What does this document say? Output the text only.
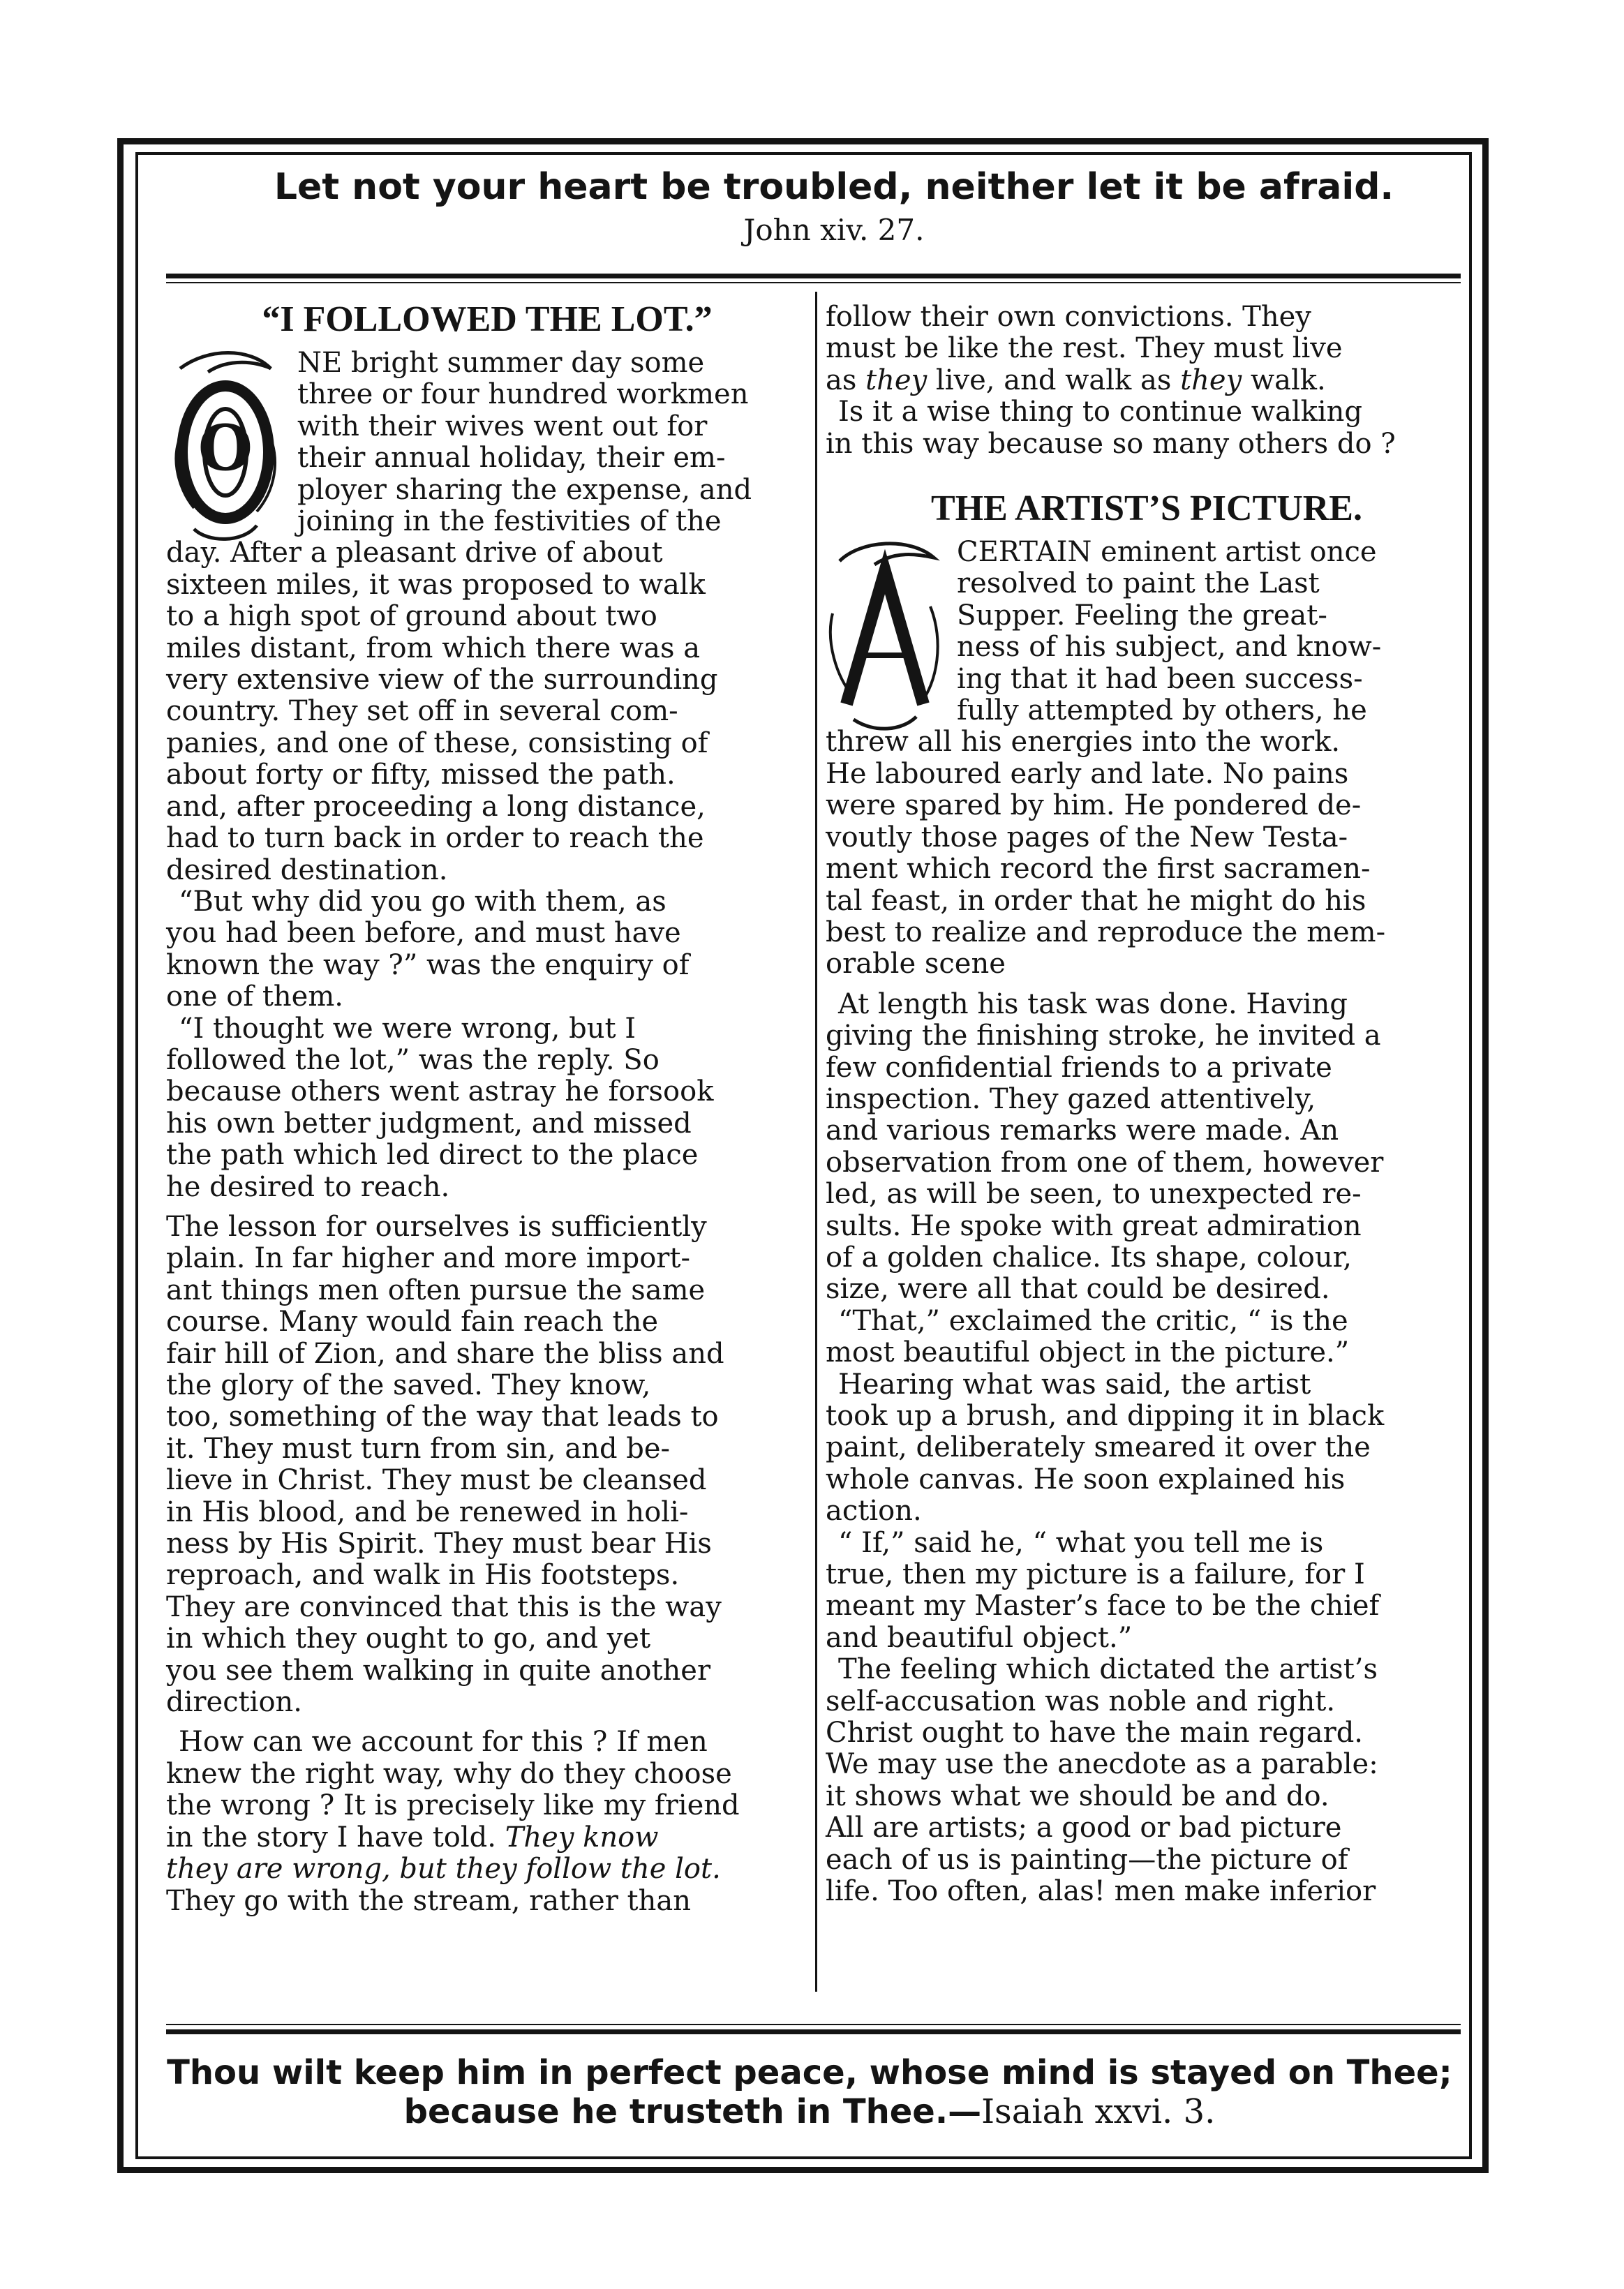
Let not your heart be troubled, neither let it be afraid.
John xiv. 27.
“I FOLLOWED THE LOT.”
O
NE bright summer day some
three or four hundred workmen
with their wives went out for
their annual holiday, their em-
ployer sharing the expense, and
joining in the festivities of the
day. After a pleasant drive of about
sixteen miles, it was proposed to walk
to a high spot of ground about two
miles distant, from which there was a
very extensive view of the surrounding
country. They set off in several com-
panies, and one of these, consisting of
about forty or fifty, missed the path.
and, after proceeding a long distance,
had to turn back in order to reach the
desired destination.
“But why did you go with them, as
you had been before, and must have
known the way ?” was the enquiry of
one of them.
“I thought we were wrong, but I
followed the lot,” was the reply. So
because others went astray he forsook
his own better judgment, and missed
the path which led direct to the place
he desired to reach.
The lesson for ourselves is sufficiently
plain. In far higher and more import-
ant things men often pursue the same
course. Many would fain reach the
fair hill of Zion, and share the bliss and
the glory of the saved. They know,
too, something of the way that leads to
it. They must turn from sin, and be-
lieve in Christ. They must be cleansed
in His blood, and be renewed in holi-
ness by His Spirit. They must bear His
reproach, and walk in His footsteps.
They are convinced that this is the way
in which they ought to go, and yet
you see them walking in quite another
direction.
How can we account for this ? If men
knew the right way, why do they choose
the wrong ? It is precisely like my friend
in the story I have told. They know
they are wrong, but they follow the lot.
They go with the stream, rather than
follow their own convictions. They
must be like the rest. They must live
as they live, and walk as they walk.
Is it a wise thing to continue walking
in this way because so many others do ?
THE ARTIST’S PICTURE.
A
CERTAIN eminent artist once
resolved to paint the Last
Supper. Feeling the great-
ness of his subject, and know-
ing that it had been success-
fully attempted by others, he
threw all his energies into the work.
He laboured early and late. No pains
were spared by him. He pondered de-
voutly those pages of the New Testa-
ment which record the first sacramen-
tal feast, in order that he might do his
best to realize and reproduce the mem-
orable scene
At length his task was done. Having
giving the finishing stroke, he invited a
few confidential friends to a private
inspection. They gazed attentively,
and various remarks were made. An
observation from one of them, however
led, as will be seen, to unexpected re-
sults. He spoke with great admiration
of a golden chalice. Its shape, colour,
size, were all that could be desired.
“That,” exclaimed the critic, “ is the
most beautiful object in the picture.”
Hearing what was said, the artist
took up a brush, and dipping it in black
paint, deliberately smeared it over the
whole canvas. He soon explained his
action.
“ If,” said he, “ what you tell me is
true, then my picture is a failure, for I
meant my Master’s face to be the chief
and beautiful object.”
The feeling which dictated the artist’s
self-accusation was noble and right.
Christ ought to have the main regard.
We may use the anecdote as a parable:
it shows what we should be and do.
All are artists; a good or bad picture
each of us is painting—the picture of
life. Too often, alas! men make inferior
Thou wilt keep him in perfect peace, whose mind is stayed on Thee;
because he trusteth in Thee.—Isaiah xxvi. 3.
